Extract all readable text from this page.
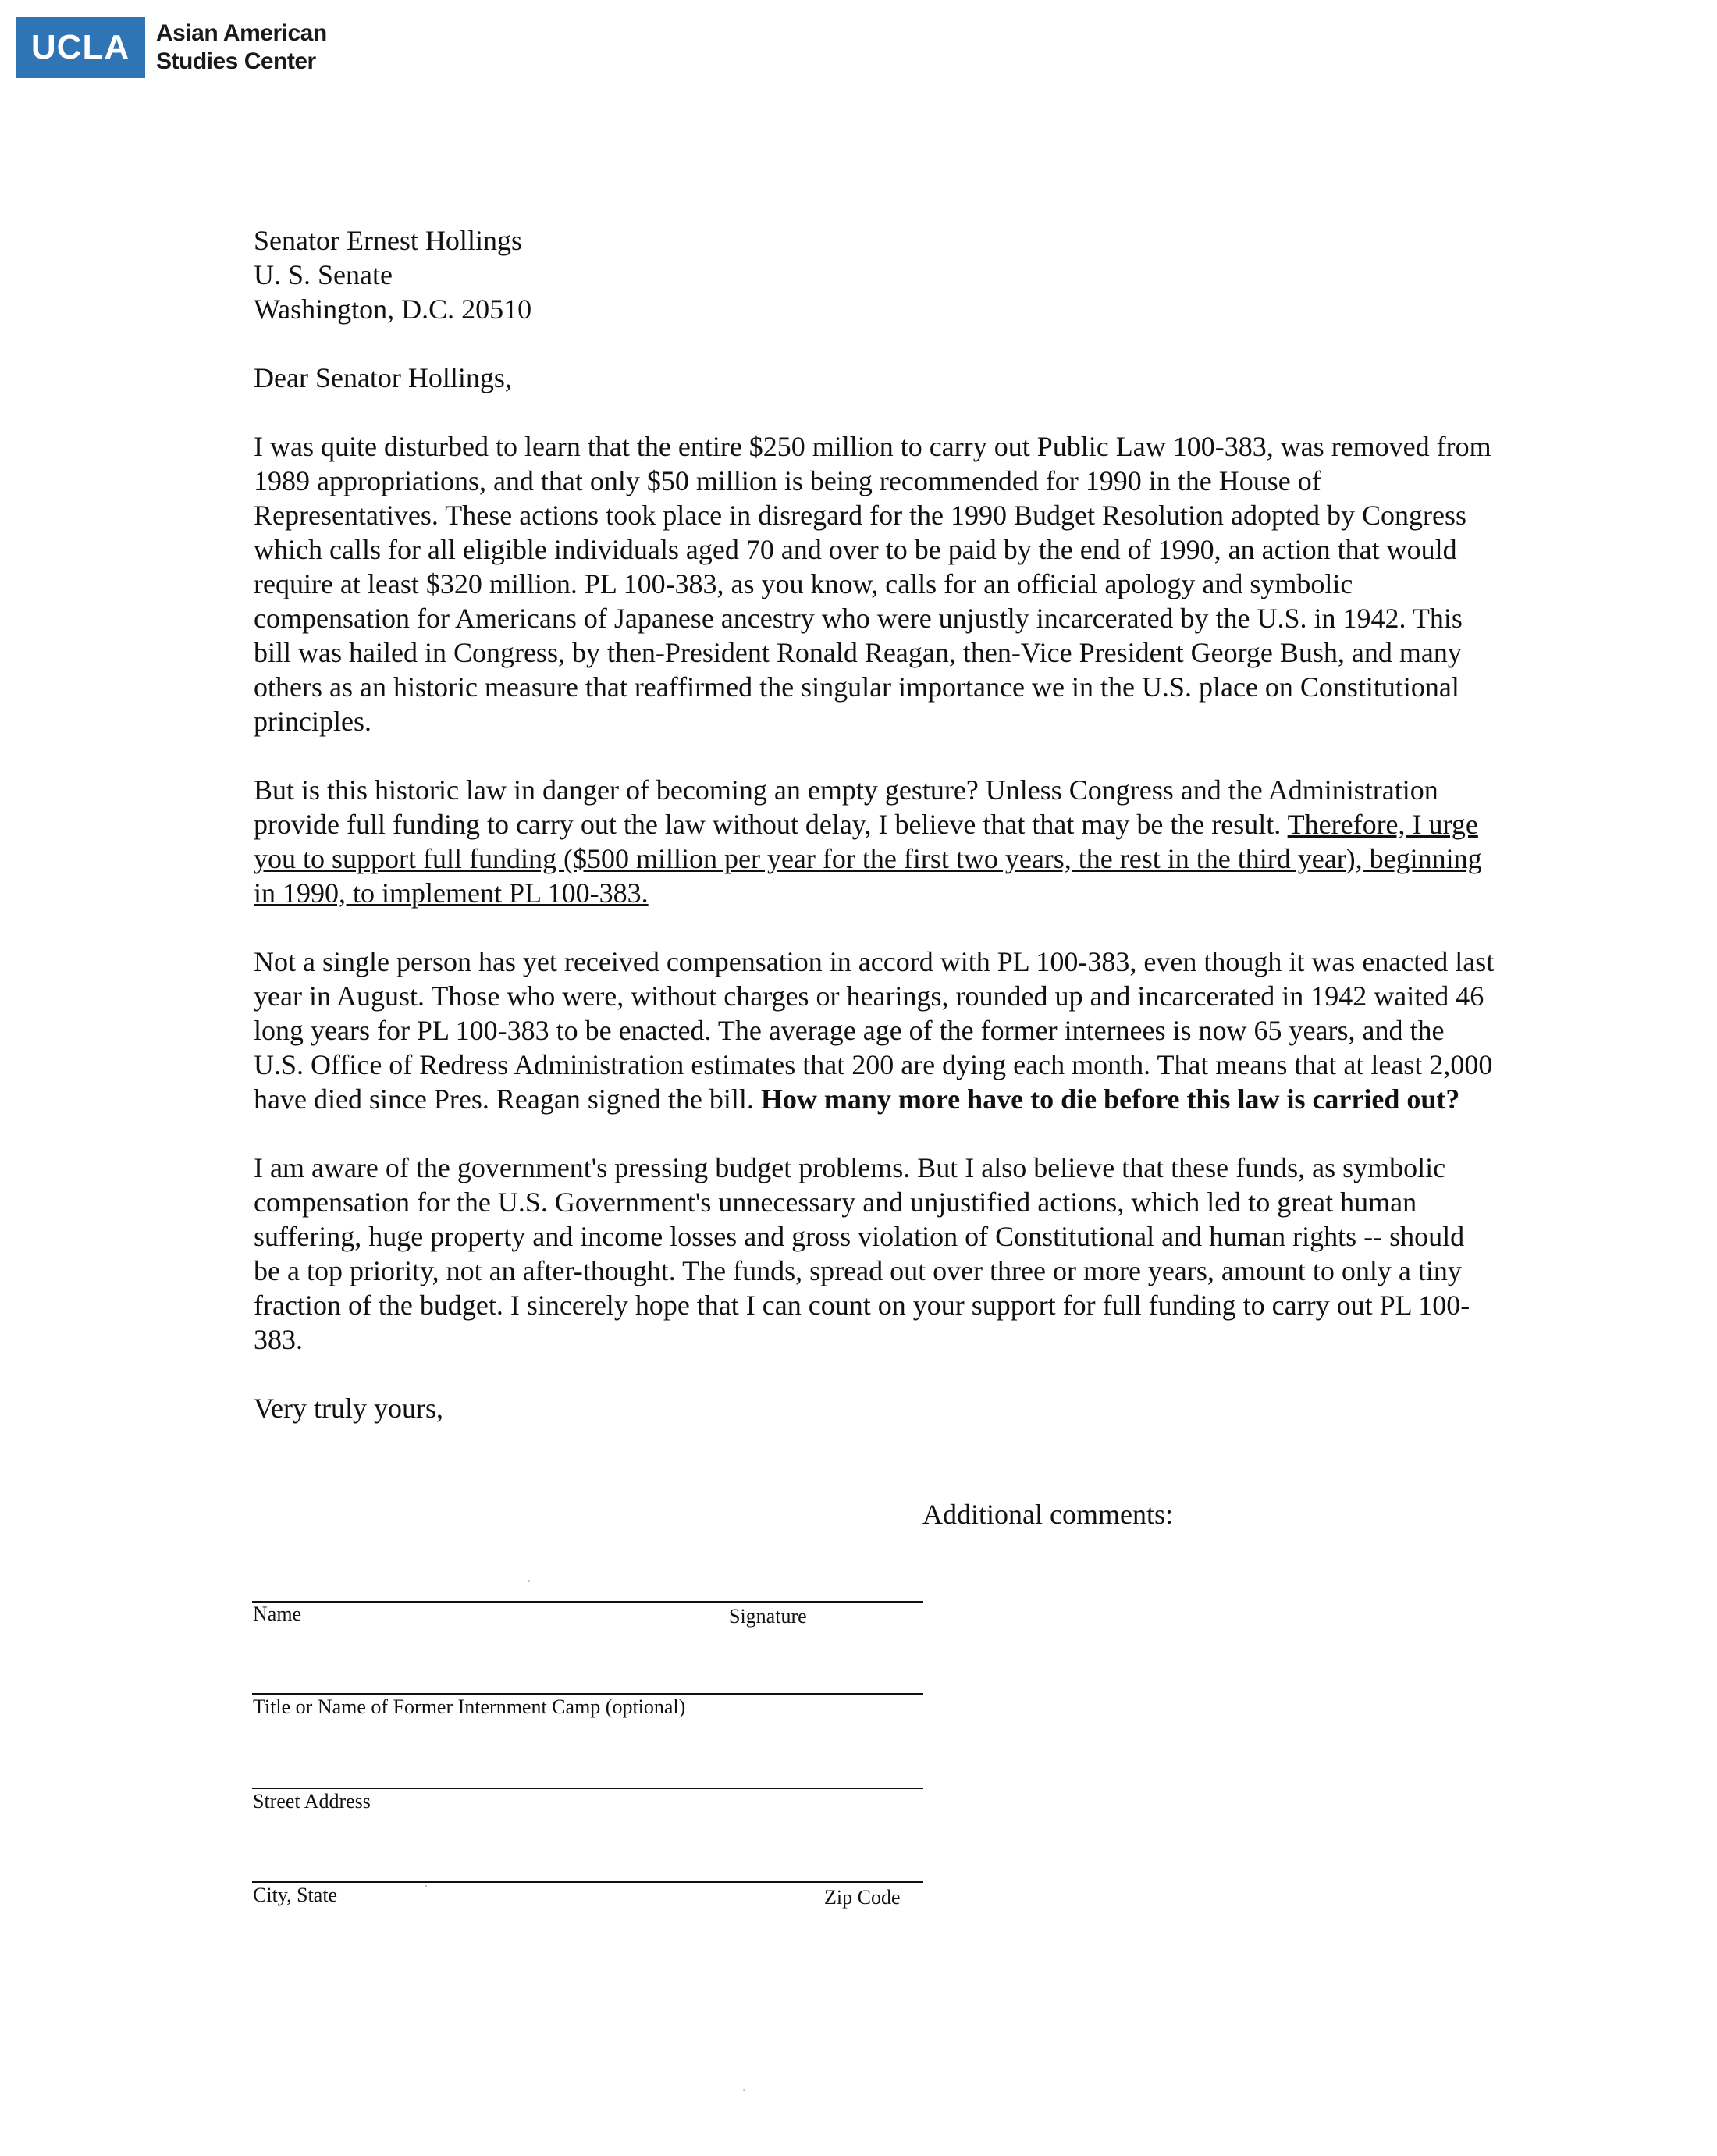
UCLA	Asian American
Studies Center
Senator Ernest Hollings
U. S. Senate
Washington, D.C. 20510
Dear Senator Hollings,

I was quite disturbed to learn that the entire $250 million to carry out Public Law 100-383, was removed from 1989 appropriations, and that only $50 million is being recommended for 1990 in the House of Representatives. These actions took place in disregard for the 1990 Budget Resolution adopted by Congress which calls for all eligible individuals aged 70 and over to be paid by the end of 1990, an action that would require at least $320 million. PL 100-383, as you know, calls for an official apology and symbolic compensation for Americans of Japanese ancestry who were unjustly incarcerated by the U.S. in 1942. This bill was hailed in Congress, by then-President Ronald Reagan, then-Vice President George Bush, and many others as an historic measure that reaffirmed the singular importance we in the U.S. place on Constitutional principles.

But is this historic law in danger of becoming an empty gesture? Unless Congress and the Administration provide full funding to carry out the law without delay, I believe that that may be the result. Therefore, I urge you to support full funding ($500 million per year for the first two years, the rest in the third year), beginning in 1990, to implement PL 100-383.

Not a single person has yet received compensation in accord with PL 100-383, even though it was enacted last year in August. Those who were, without charges or hearings, rounded up and incarcerated in 1942 waited 46 long years for PL 100-383 to be enacted. The average age of the former internees is now 65 years, and the U.S. Office of Redress Administration estimates that 200 are dying each month. That means that at least 2,000 have died since Pres. Reagan signed the bill. How many more have to die before this law is carried out?

I am aware of the government's pressing budget problems. But I also believe that these funds, as symbolic compensation for the U.S. Government's unnecessary and unjustified actions, which led to great human suffering, huge property and income losses and gross violation of Constitutional and human rights -- should be a top priority, not an after-thought. The funds, spread out over three or more years, amount to only a tiny fraction of the budget. I sincerely hope that I can count on your support for full funding to carry out PL 100-383.

Very truly yours,
Additional comments:
Name	Signature
Title or Name of Former Internment Camp (optional)
Street Address
City, State	Zip Code
